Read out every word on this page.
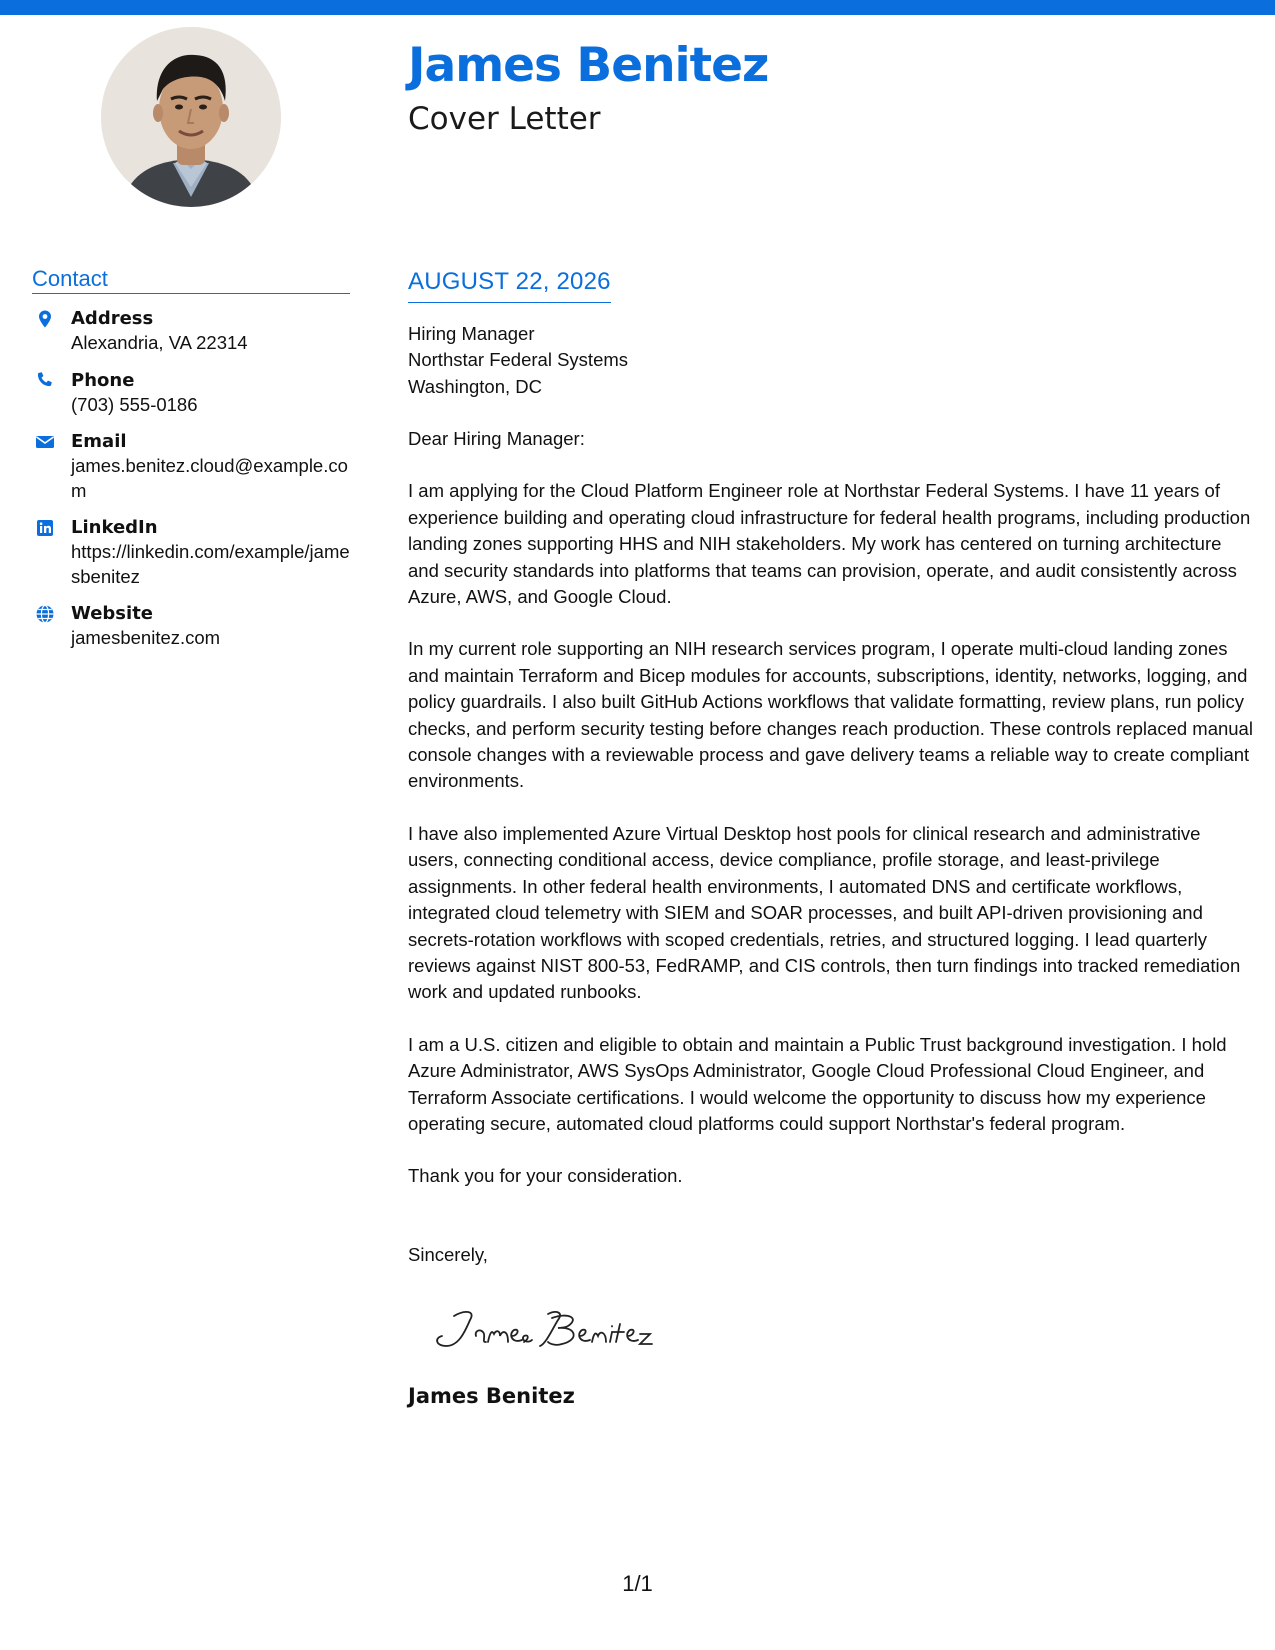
James Benitez
Cover Letter
Contact
Address
Alexandria, VA 22314
Phone
(703) 555-0186
Email
james.benitez.cloud@example.com
LinkedIn
https://linkedin.com/example/jamesbenitez
Website
jamesbenitez.com
AUGUST 22, 2026
Hiring Manager
Northstar Federal Systems
Washington, DC
Dear Hiring Manager:
I am applying for the Cloud Platform Engineer role at Northstar Federal Systems. I have 11 years of experience building and operating cloud infrastructure for federal health programs, including production landing zones supporting HHS and NIH stakeholders. My work has centered on turning architecture and security standards into platforms that teams can provision, operate, and audit consistently across Azure, AWS, and Google Cloud.
In my current role supporting an NIH research services program, I operate multi-cloud landing zones and maintain Terraform and Bicep modules for accounts, subscriptions, identity, networks, logging, and policy guardrails. I also built GitHub Actions workflows that validate formatting, review plans, run policy checks, and perform security testing before changes reach production. These controls replaced manual console changes with a reviewable process and gave delivery teams a reliable way to create compliant environments.
I have also implemented Azure Virtual Desktop host pools for clinical research and administrative users, connecting conditional access, device compliance, profile storage, and least-privilege assignments. In other federal health environments, I automated DNS and certificate workflows, integrated cloud telemetry with SIEM and SOAR processes, and built API-driven provisioning and secrets-rotation workflows with scoped credentials, retries, and structured logging. I lead quarterly reviews against NIST 800-53, FedRAMP, and CIS controls, then turn findings into tracked remediation work and updated runbooks.
I am a U.S. citizen and eligible to obtain and maintain a Public Trust background investigation. I hold Azure Administrator, AWS SysOps Administrator, Google Cloud Professional Cloud Engineer, and Terraform Associate certifications. I would welcome the opportunity to discuss how my experience operating secure, automated cloud platforms could support Northstar's federal program.
Thank you for your consideration.
Sincerely,
James Benitez
1/1
